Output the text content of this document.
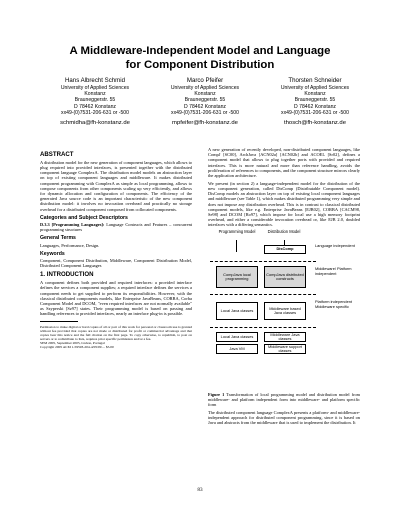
A Middleware-Independent Model and Language
for Component Distribution
Hans Albrecht Schmid
University of Applied Sciences
Konstanz
Brauneggerstr. 55
D 78462 Konstanz
xx49-(0)7531-206-631 or -500
schmidha@fh-konstanz.de
Marco Pfeifer
University of Applied Sciences
Konstanz
Brauneggerstr. 55
D 78462 Konstanz
xx49-(0)7531-206-631 or -500
mpfeifer@fh-konstanz.de
Thorsten Schneider
University of Applied Sciences
Konstanz
Brauneggerstr. 55
D 78462 Konstanz
xx49-(0)7531-206-631 or -500
thosch@fh-konstanz.de
ABSTRACT

A distribution model for the new generation of component languages, which allows to plug required into provided interfaces, is presented together with the distributed component language ComplexA. The distribution model models an abstraction layer on top of existing component languages and middleware. It makes distributed component programming with ComplexA as simple as local programming, allows to compose components from other components scaling up very efficiently, and allows for dynamic allocation and configuration of components. The efficiency of the generated Java source code is an important characteristic of the new component distribution model: it involves no invocation overhead and practically no storage overhead for a distributed component composed from collocated components.

Categories and Subject Descriptors

D.3.3 [Programming Languages]: Language Contructs and Features – concurrent programming structures

General Terms

Languages, Performance, Design.

Keywords

Component, Component Distribution, Middleware, Component Distribution Model, Distributed Component Languages

1. INTRODUCTION

A component defines both provided and required interfaces: a provided interface defines the services a component supplies; a required interface defines the services a component needs to get supplied to perform its responsibilities. However, with the classical distributed components models, like Enterprise JavaBeans, CORBA, Corba Component Model and DCOM, "even required interfaces are not normally available" as Szyperski [Sz97] states. Their programming model is based on passing and handling references to provided interfaces, nearly an interface plug-in is possible.

Permission to make digital or hard copies of all or part of this work for personal or classroom use is granted without fee provided that copies are not made or distributed for profit or commercial advantage and that copies bear this notice and the full citation on the first page. To copy otherwise, to republish, to post on servers or to redistribute to lists, requires prior specific permission and/or a fee.
SEM 2005, September 2005, Lisbon, Portugal
Copyright 2005 ACM 1-59593-204-4/05/09 ... $5.00

A new generation of recently developed, non-distributed component languages, like CompJ [SC00], ArchJava [ACN02a] [ACN02b] and ACOEL [Sr02], defines a component model that allows to plug together ports with provided and required interfaces. This is more natural and more than reference handling, avoids the proliferation of references to components, and the component structure mirrors clearly the application architecture.

We present (in section 2) a language-independent model for the distribution of the new component generation, called DisComp (Distributable Component model). DisComp models an abstraction layer on top of existing local component languages and middleware (see Table 1), which makes distributed programming very simple and does not impose any distribution overhead. This is in contrast to classical distributed component models, like e.g. Enterprise JavaBeans [EJB02], CORBA [CACM98, Se98] and DCOM [Ro97], which impose for local use a high memory footprint overhead, and either a considerable invocation overhead or, like EJB 2.0, doubled interfaces with a differing semantics.

Programming Model	Distribution Model
DisComp
Language independent
CompJava local programming
CompJava distributed constructs
Middleware/ Platform independent
Local Java classes	Middleware based Java classes
Platform independent Middleware specific
Local Java classes	Middleware Java classes
Java VM	Middleware support classes
Figure 1 Transformation of local programming model and distribution model from middleware- and platform independent form into middleware- and platform specific form

The distributed component language ComplexA presents a platform- and middleware-independent approach for distributed component programming, since it is based on Java and abstracts from the middleware that is used to implement the distribution. It

83
